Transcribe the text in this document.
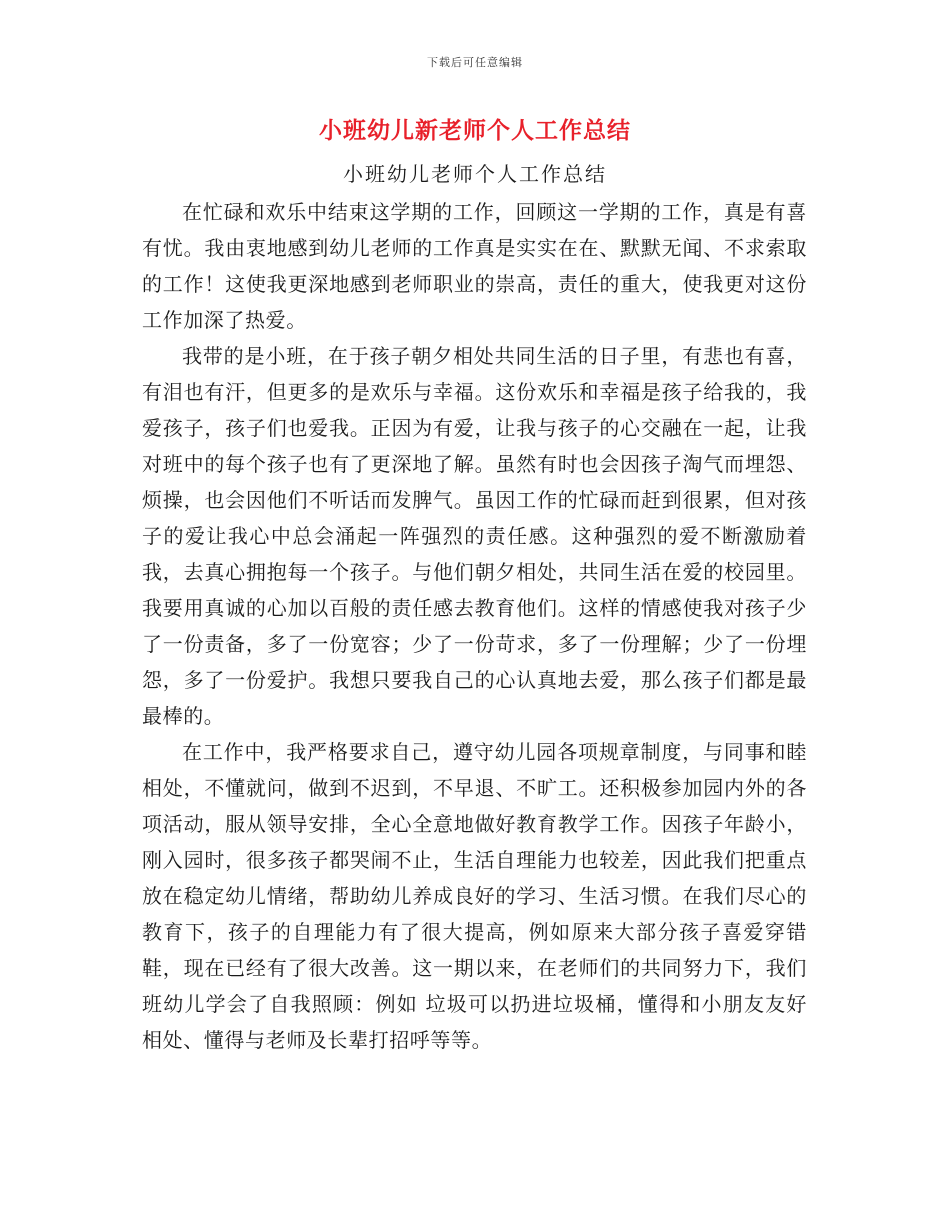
下载后可任意编辑
小班幼儿新老师个人工作总结
小班幼儿老师个人工作总结

在忙碌和欢乐中结束这学期的工作，回顾这一学期的工作，真是有喜有忧。我由衷地感到幼儿老师的工作真是实实在在、默默无闻、不求索取的工作！这使我更深地感到老师职业的崇高，责任的重大，使我更对这份工作加深了热爱。

我带的是小班，在于孩子朝夕相处共同生活的日子里，有悲也有喜，有泪也有汗，但更多的是欢乐与幸福。这份欢乐和幸福是孩子给我的，我爱孩子，孩子们也爱我。正因为有爱，让我与孩子的心交融在一起，让我对班中的每个孩子也有了更深地了解。虽然有时也会因孩子淘气而埋怨、烦操，也会因他们不听话而发脾气。虽因工作的忙碌而赶到很累，但对孩子的爱让我心中总会涌起一阵强烈的责任感。这种强烈的爱不断激励着我，去真心拥抱每一个孩子。与他们朝夕相处，共同生活在爱的校园里。我要用真诚的心加以百般的责任感去教育他们。这样的情感使我对孩子少了一份责备，多了一份宽容；少了一份苛求，多了一份理解；少了一份埋怨，多了一份爱护。我想只要我自己的心认真地去爱，那么孩子们都是最最棒的。

在工作中，我严格要求自己，遵守幼儿园各项规章制度，与同事和睦相处，不懂就问，做到不迟到，不早退、不旷工。还积极参加园内外的各项活动，服从领导安排，全心全意地做好教育教学工作。因孩子年龄小，刚入园时，很多孩子都哭闹不止，生活自理能力也较差，因此我们把重点放在稳定幼儿情绪，帮助幼儿养成良好的学习、生活习惯。在我们尽心的教育下，孩子的自理能力有了很大提高，例如原来大部分孩子喜爱穿错鞋，现在已经有了很大改善。这一期以来，在老师们的共同努力下，我们班幼儿学会了自我照顾：例如 垃圾可以扔进垃圾桶，懂得和小朋友友好相处、懂得与老师及长辈打招呼等等。
